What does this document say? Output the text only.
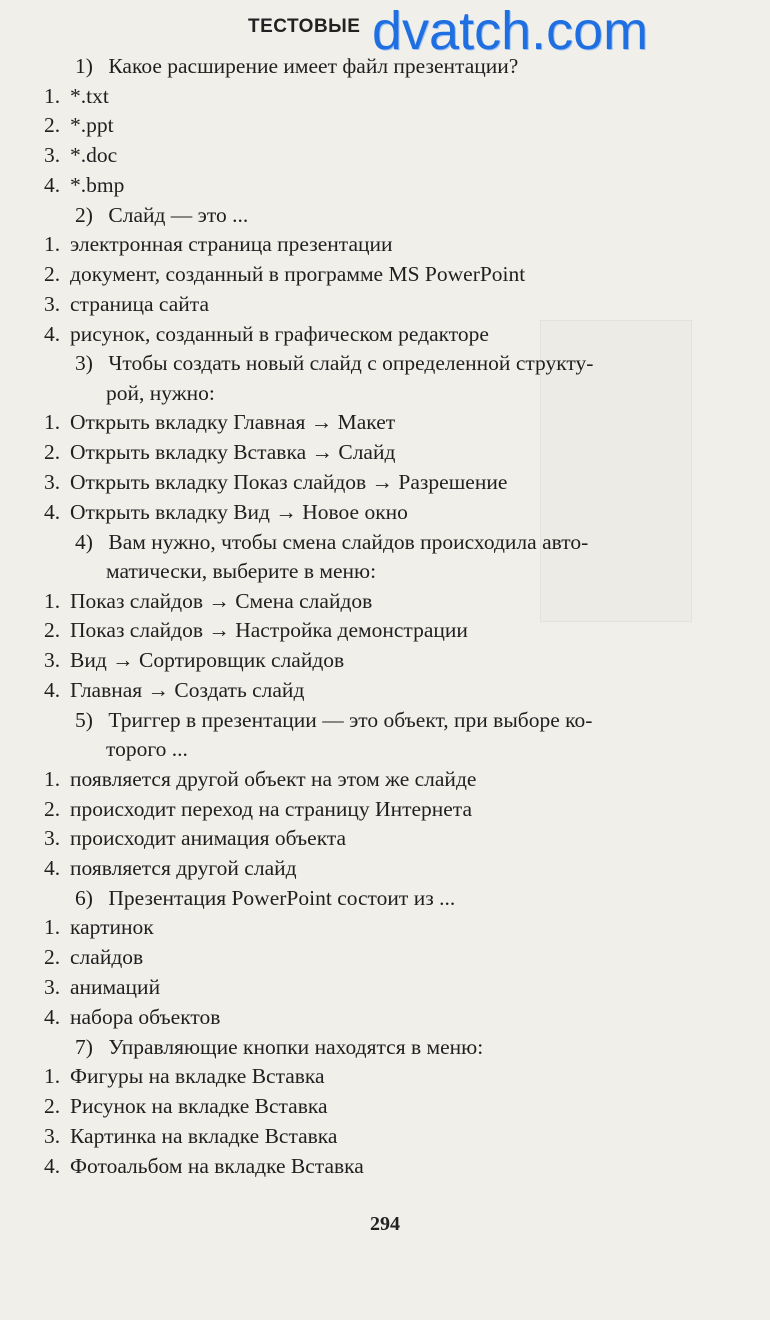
ТЕСТОВЫЕ dvatch.com
1) Какое расширение имеет файл презентации?
1. *.txt
2. *.ppt
3. *.doc
4. *.bmp
2) Слайд — это ...
1. электронная страница презентации
2. документ, созданный в программе MS PowerPoint
3. страница сайта
4. рисунок, созданный в графическом редакторе
3) Чтобы создать новый слайд с определенной структу-
рой, нужно:
1. Открыть вкладку Главная → Макет
2. Открыть вкладку Вставка → Слайд
3. Открыть вкладку Показ слайдов → Разрешение
4. Открыть вкладку Вид → Новое окно
4) Вам нужно, чтобы смена слайдов происходила авто-
матически, выберите в меню:
1. Показ слайдов → Смена слайдов
2. Показ слайдов → Настройка демонстрации
3. Вид → Сортировщик слайдов
4. Главная → Создать слайд
5) Триггер в презентации — это объект, при выборе ко-
торого ...
1. появляется другой объект на этом же слайде
2. происходит переход на страницу Интернета
3. происходит анимация объекта
4. появляется другой слайд
6) Презентация PowerPoint состоит из ...
1. картинок
2. слайдов
3. анимаций
4. набора объектов
7) Управляющие кнопки находятся в меню:
1. Фигуры на вкладке Вставка
2. Рисунок на вкладке Вставка
3. Картинка на вкладке Вставка
4. Фотоальбом на вкладке Вставка
294
